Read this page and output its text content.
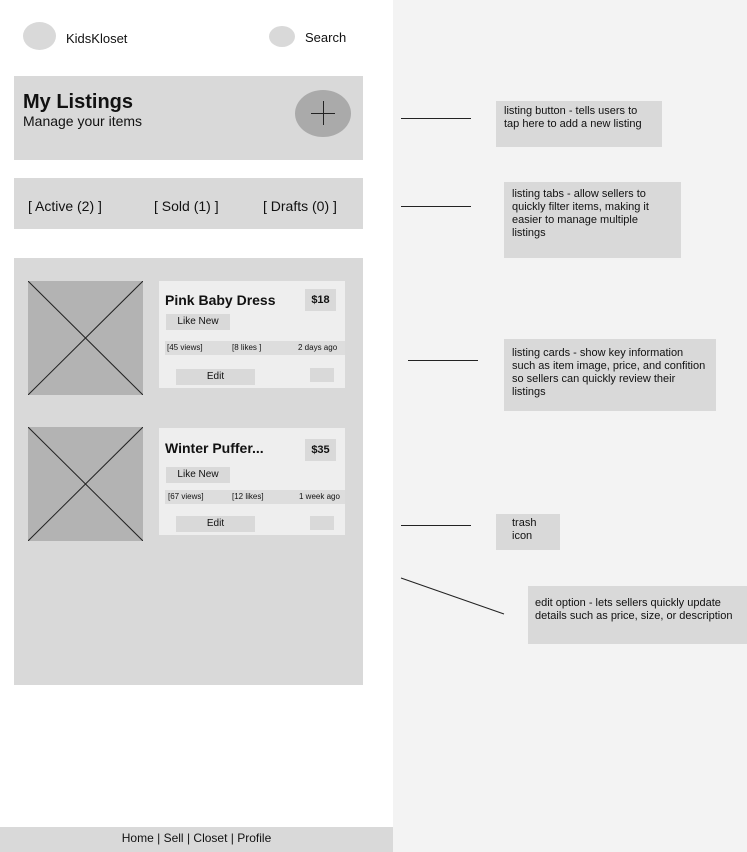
KidsKloset	Search
My Listings
Manage your items
[ Active (2) ]	[ Sold (1) ]	[ Drafts (0) ]
Pink Baby Dress	$18
Like New
[45 views]	[8 likes ]	2 days ago
Edit
Winter Puffer...	$35
Like New
[67 views]	[12 likes]	1 week ago
Edit
Home | Sell | Closet | Profile
listing button - tells users to tap here to add a new listing
listing tabs - allow sellers to quickly filter items, making it easier to manage multiple listings
listing cards - show key information such as item image, price, and confition so sellers can quickly review their listings
trash icon
edit option - lets sellers quickly update details such as price, size, or description
